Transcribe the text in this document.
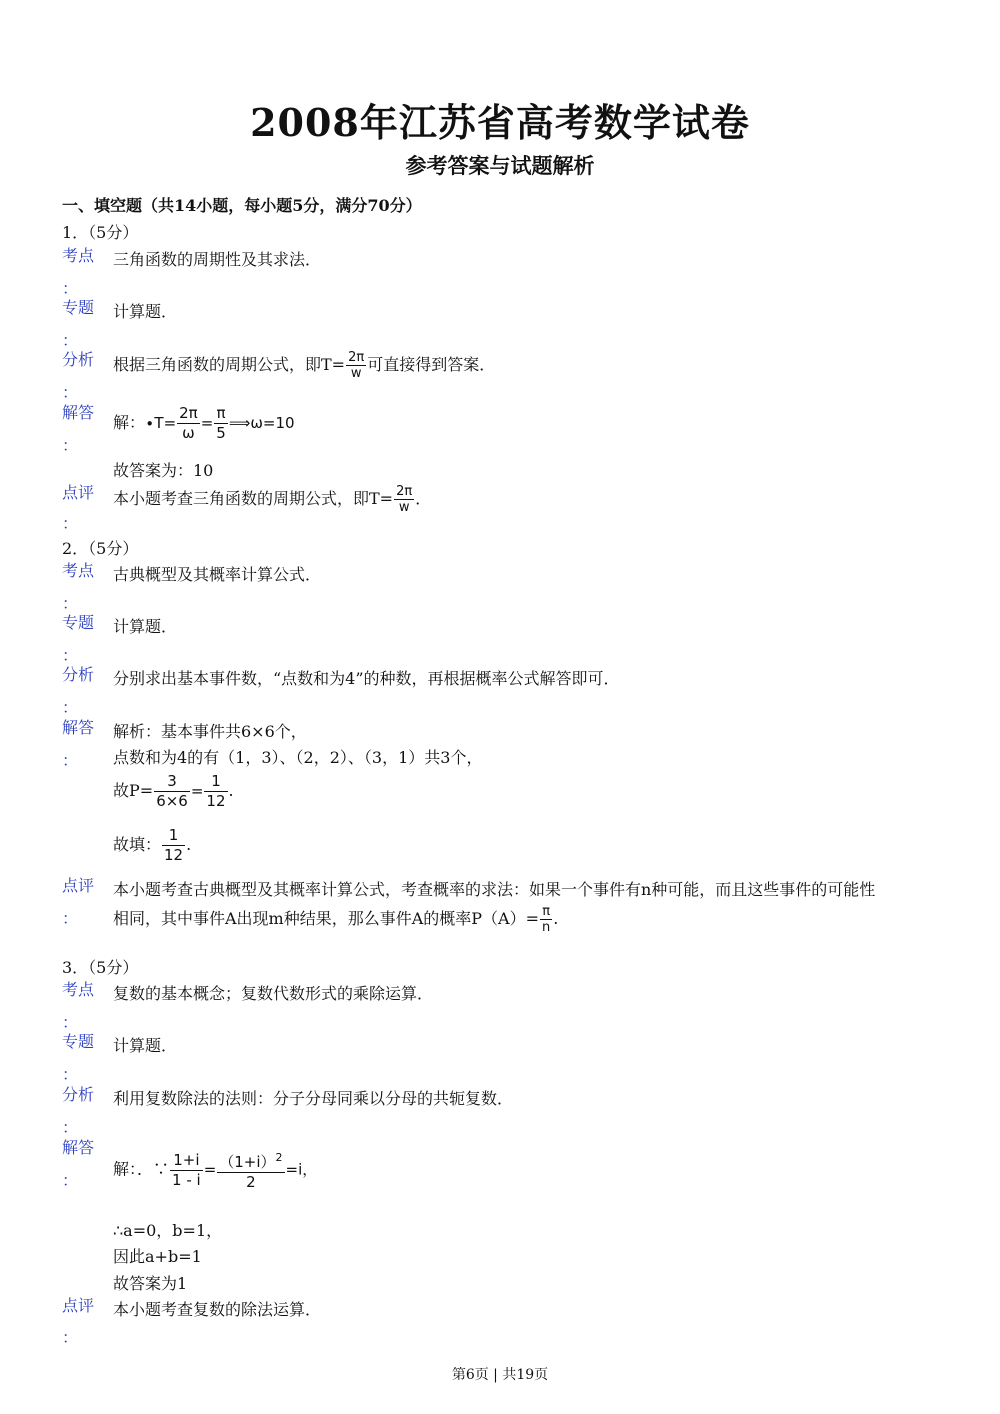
2008年江苏省高考数学试卷
参考答案与试题解析
一、填空题（共14小题，每小题5分，满分70分）
1．（5分）
考点
：
三角函数的周期性及其求法．
专题
：
计算题．
分析
：
根据三角函数的周期公式，即$T= \frac{2\pi}{w}$ 可直接得到答案．
解答
：
解：$\cdot T= \frac{2\pi}{\omega} = \frac{\pi}{5}$ ⟹ω=10
故答案为：10
点评
：
本小题考查三角函数的周期公式，即$T= \frac{2\pi}{w}$ ．
2．（5分）
考点
：
古典概型及其概率计算公式．
专题
：
计算题．
分析
：
分别求出基本事件数，“点数和为4”的种数，再根据概率公式解答即可．
解答
：
解析：基本事件共6×6个，
点数和为4的有（1，3）、（2，2）、（3，1）共3个，
故$P= \frac{3}{6\times 6} = \frac{1}{12}$ .
故填： $\frac{1}{12}$ .
点评
：
本小题考查古典概型及其概率计算公式，考查概率的求法：如果一个事件有n种可能，而且这些事件的可能性
相同，其中事件A出现m种结果，那么事件A的概率$P(A)= \frac{\pi}{n}$ .
3．（5分）
考点
：
复数的基本概念；复数代数形式的乘除运算．
专题
：
计算题．
分析
：
利用复数除法的法则：分子分母同乘以分母的共轭复数．
解答
：
解：．∵ $\frac{1+i}{1 - i} = \frac{(1+i)^2}{2} =i$，
∴a=0，b=1，
因此a+b=1
故答案为1
点评
：
本小题考查复数的除法运算．
第6页 | 共19页
